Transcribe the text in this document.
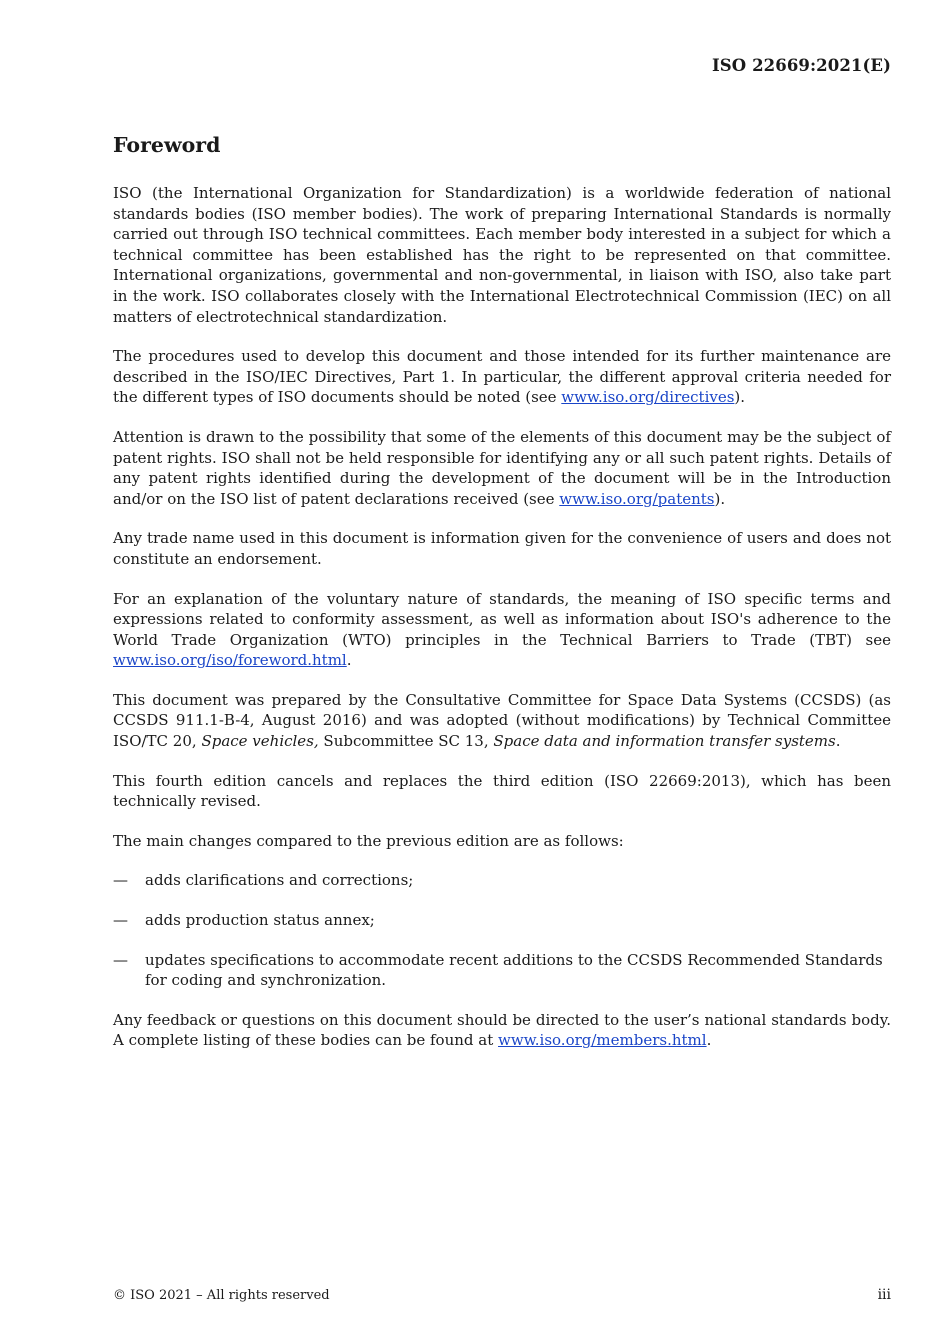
ISO 22669:2021(E)
Foreword

ISO (the International Organization for Standardization) is a worldwide federation of national standards bodies (ISO member bodies). The work of preparing International Standards is normally carried out through ISO technical committees. Each member body interested in a subject for which a technical committee has been established has the right to be represented on that committee. International organizations, governmental and non-governmental, in liaison with ISO, also take part in the work. ISO collaborates closely with the International Electrotechnical Commission (IEC) on all matters of electrotechnical standardization.

The procedures used to develop this document and those intended for its further maintenance are described in the ISO/IEC Directives, Part 1. In particular, the different approval criteria needed for the different types of ISO documents should be noted (see www.iso.org/directives).

Attention is drawn to the possibility that some of the elements of this document may be the subject of patent rights. ISO shall not be held responsible for identifying any or all such patent rights. Details of any patent rights identified during the development of the document will be in the Introduction and/or on the ISO list of patent declarations received (see www.iso.org/patents).

Any trade name used in this document is information given for the convenience of users and does not constitute an endorsement.

For an explanation of the voluntary nature of standards, the meaning of ISO specific terms and expressions related to conformity assessment, as well as information about ISO's adherence to the World Trade Organization (WTO) principles in the Technical Barriers to Trade (TBT) see www.iso.org/iso/foreword.html.

This document was prepared by the Consultative Committee for Space Data Systems (CCSDS) (as CCSDS 911.1-B-4, August 2016) and was adopted (without modifications) by Technical Committee ISO/TC 20, Space vehicles, Subcommittee SC 13, Space data and information transfer systems.

This fourth edition cancels and replaces the third edition (ISO 22669:2013), which has been technically revised.

The main changes compared to the previous edition are as follows:

—	adds clarifications and corrections;
—	adds production status annex;
—	updates specifications to accommodate recent additions to the CCSDS Recommended Standards for coding and synchronization.

Any feedback or questions on this document should be directed to the user’s national standards body. A complete listing of these bodies can be found at www.iso.org/members.html.

© ISO 2021 – All rights reserved	iii
